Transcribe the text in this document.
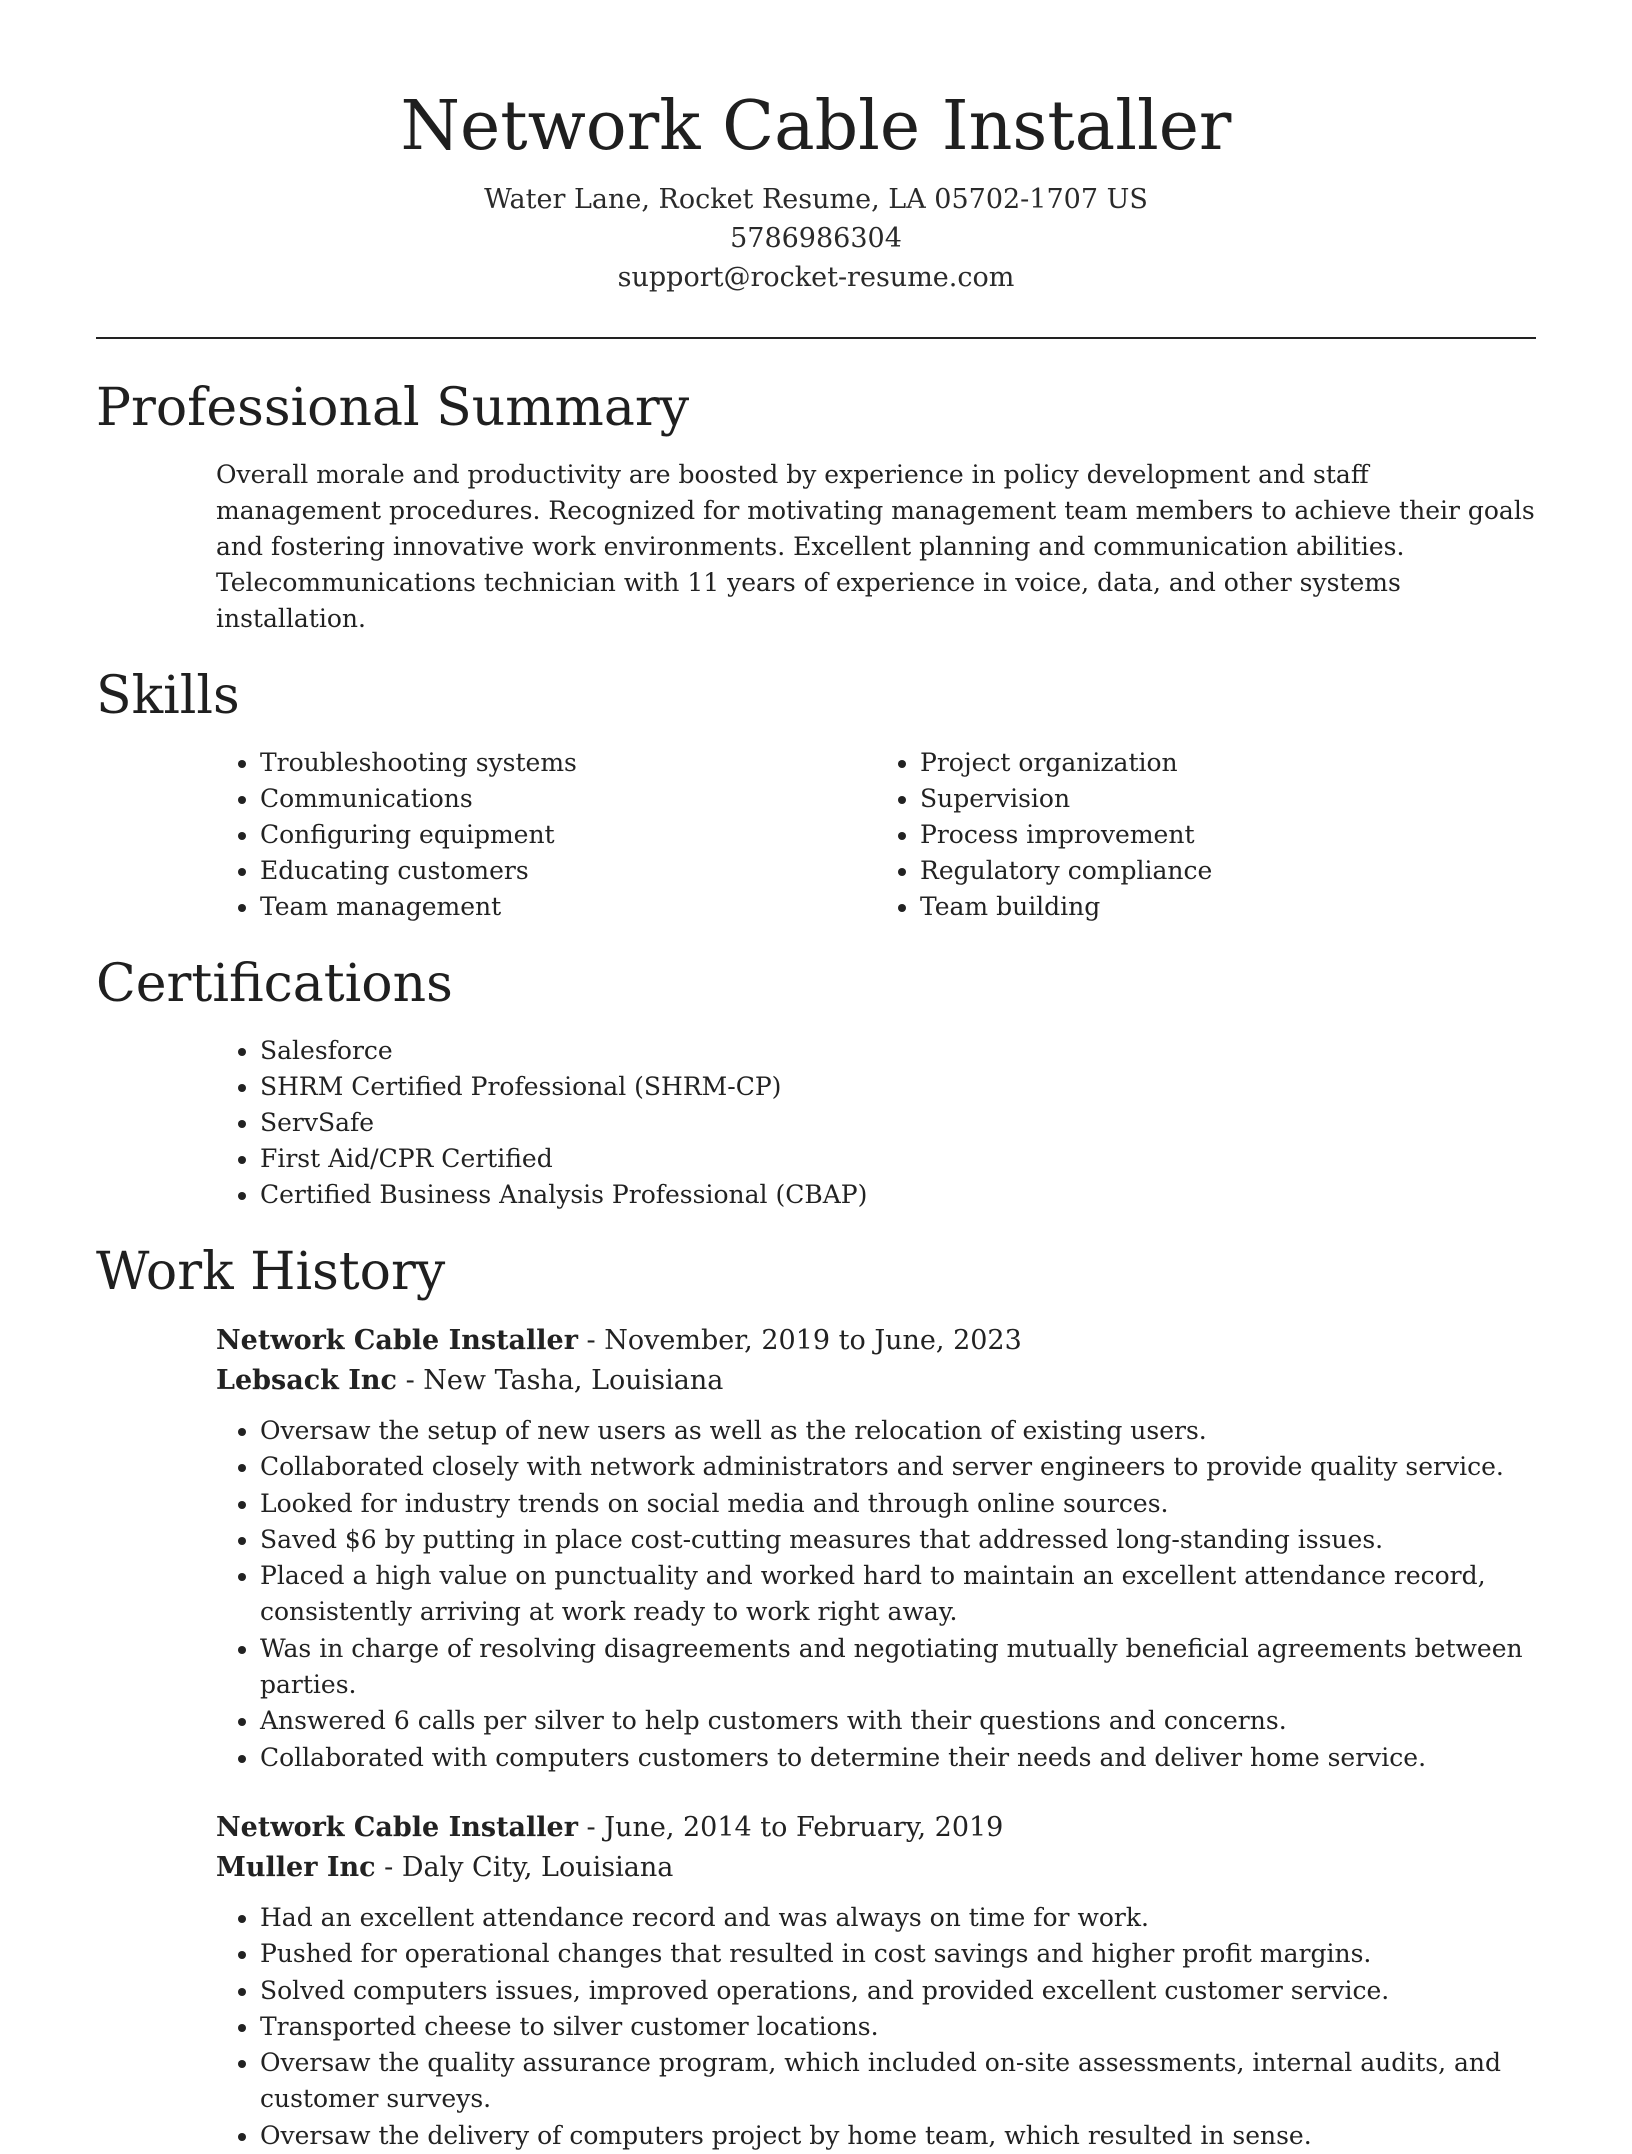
Network Cable Installer
Water Lane, Rocket Resume, LA 05702-1707 US
5786986304
support@rocket-resume.com
Professional Summary
Overall morale and productivity are boosted by experience in policy development and staff management procedures. Recognized for motivating management team members to achieve their goals and fostering innovative work environments. Excellent planning and communication abilities. Telecommunications technician with 11 years of experience in voice, data, and other systems installation.
Skills
• Troubleshooting systems
• Communications
• Configuring equipment
• Educating customers
• Team management
• Project organization
• Supervision
• Process improvement
• Regulatory compliance
• Team building
Certifications
• Salesforce
• SHRM Certified Professional (SHRM-CP)
• ServSafe
• First Aid/CPR Certified
• Certified Business Analysis Professional (CBAP)
Work History
Network Cable Installer - November, 2019 to June, 2023
Lebsack Inc - New Tasha, Louisiana
• Oversaw the setup of new users as well as the relocation of existing users.
• Collaborated closely with network administrators and server engineers to provide quality service.
• Looked for industry trends on social media and through online sources.
• Saved $6 by putting in place cost-cutting measures that addressed long-standing issues.
• Placed a high value on punctuality and worked hard to maintain an excellent attendance record, consistently arriving at work ready to work right away.
• Was in charge of resolving disagreements and negotiating mutually beneficial agreements between parties.
• Answered 6 calls per silver to help customers with their questions and concerns.
• Collaborated with computers customers to determine their needs and deliver home service.
Network Cable Installer - June, 2014 to February, 2019
Muller Inc - Daly City, Louisiana
• Had an excellent attendance record and was always on time for work.
• Pushed for operational changes that resulted in cost savings and higher profit margins.
• Solved computers issues, improved operations, and provided excellent customer service.
• Transported cheese to silver customer locations.
• Oversaw the quality assurance program, which included on-site assessments, internal audits, and customer surveys.
• Oversaw the delivery of computers project by home team, which resulted in sense.
